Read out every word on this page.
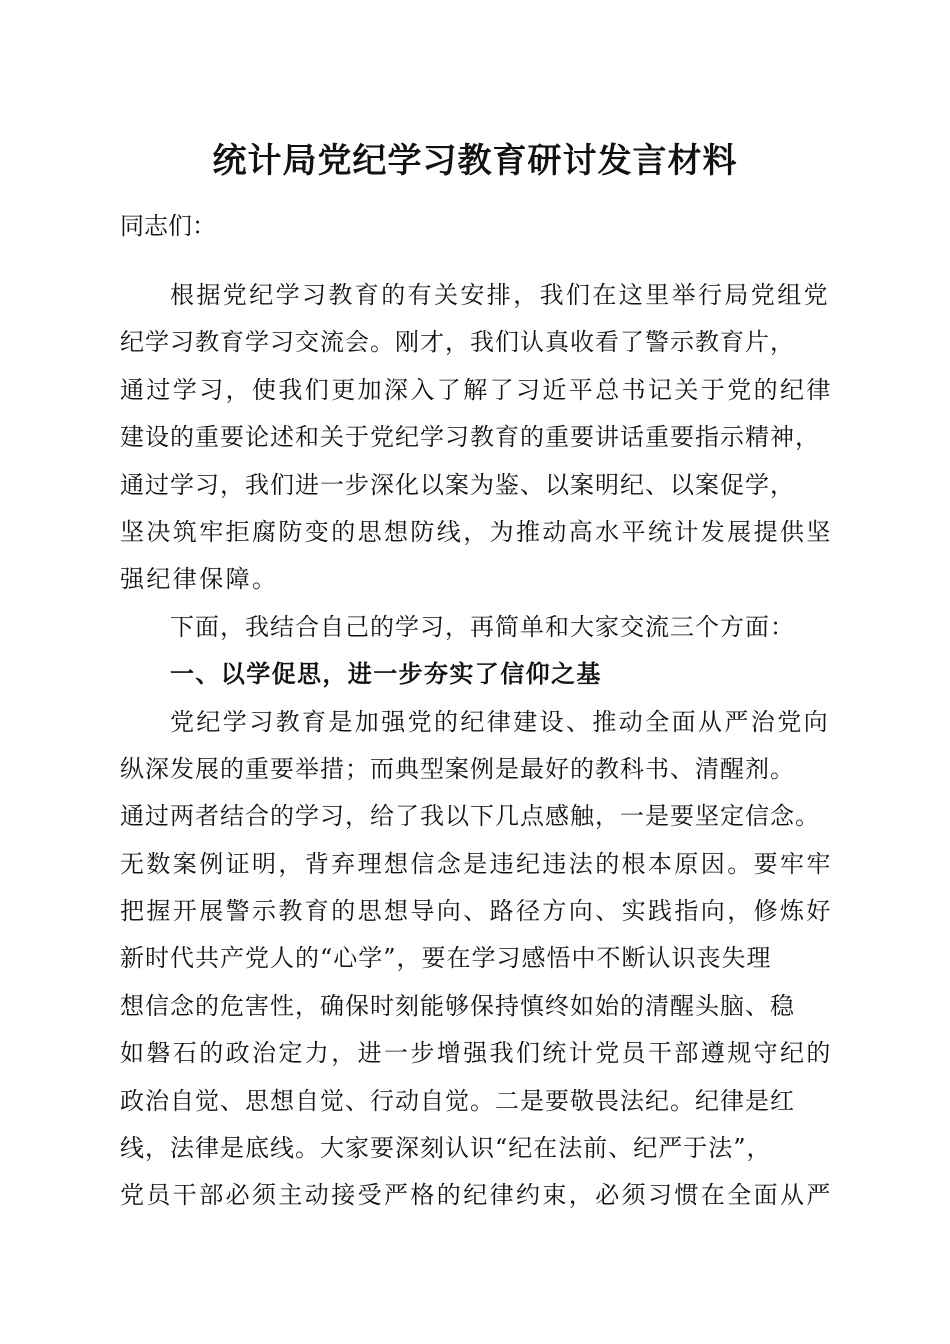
统计局党纪学习教育研讨发言材料

同志们：

根据党纪学习教育的有关安排，我们在这里举行局党组党

纪学习教育学习交流会。刚才，我们认真收看了警示教育片，

通过学习，使我们更加深入了解了习近平总书记关于党的纪律

建设的重要论述和关于党纪学习教育的重要讲话重要指示精神，

通过学习，我们进一步深化以案为鉴、以案明纪、以案促学，

坚决筑牢拒腐防变的思想防线，为推动高水平统计发展提供坚

强纪律保障。

下面，我结合自己的学习，再简单和大家交流三个方面：

一、以学促思，进一步夯实了信仰之基

党纪学习教育是加强党的纪律建设、推动全面从严治党向

纵深发展的重要举措；而典型案例是最好的教科书、清醒剂。

通过两者结合的学习，给了我以下几点感触，一是要坚定信念。

无数案例证明，背弃理想信念是违纪违法的根本原因。要牢牢

把握开展警示教育的思想导向、路径方向、实践指向，修炼好

新时代共产党人的“心学”，要在学习感悟中不断认识丧失理

想信念的危害性，确保时刻能够保持慎终如始的清醒头脑、稳

如磐石的政治定力，进一步增强我们统计党员干部遵规守纪的

政治自觉、思想自觉、行动自觉。二是要敬畏法纪。纪律是红

线，法律是底线。大家要深刻认识“纪在法前、纪严于法”，

党员干部必须主动接受严格的纪律约束，必须习惯在全面从严
